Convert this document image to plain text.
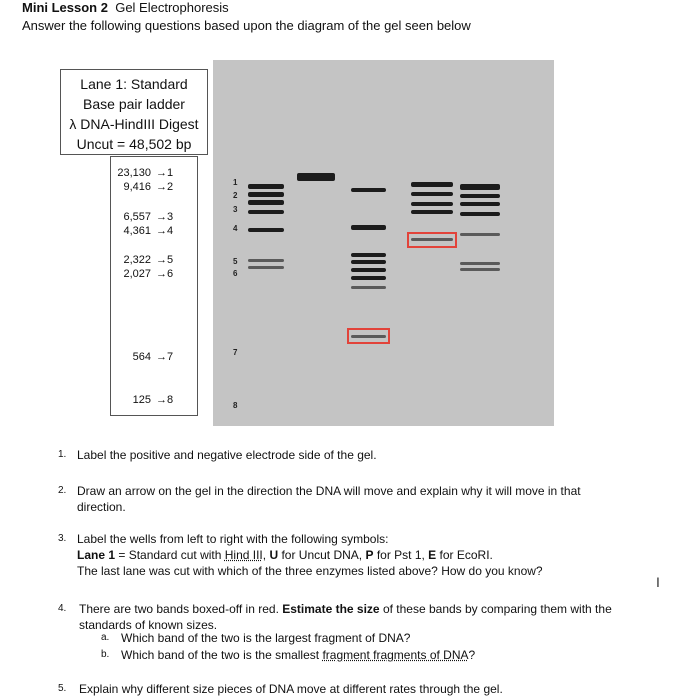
Mini Lesson 2 Gel Electrophoresis
Answer the following questions based upon the diagram of the gel seen below
Lane 1: Standard
Base pair ladder
λ DNA-HindIII Digest
Uncut = 48,502 bp
23,130 →1
9,416 →2
6,557 →3
4,361 →4
2,322 →5
2,027 →6
564 →7
125 →8
1
2
3
4
5
6
7
8
1. Label the positive and negative electrode side of the gel.
2. Draw an arrow on the gel in the direction the DNA will move and explain why it will move in that
direction.
3. Label the wells from left to right with the following symbols:
Lane 1 = Standard cut with Hind III, U for Uncut DNA, P for Pst 1, E for EcoRI.
The last lane was cut with which of the three enzymes listed above? How do you know?
4. There are two bands boxed-off in red. Estimate the size of these bands by comparing them with the
standards of known sizes.
a. Which band of the two is the largest fragment of DNA?
b. Which band of the two is the smallest fragment fragments of DNA?
5. Explain why different size pieces of DNA move at different rates through the gel.
I
